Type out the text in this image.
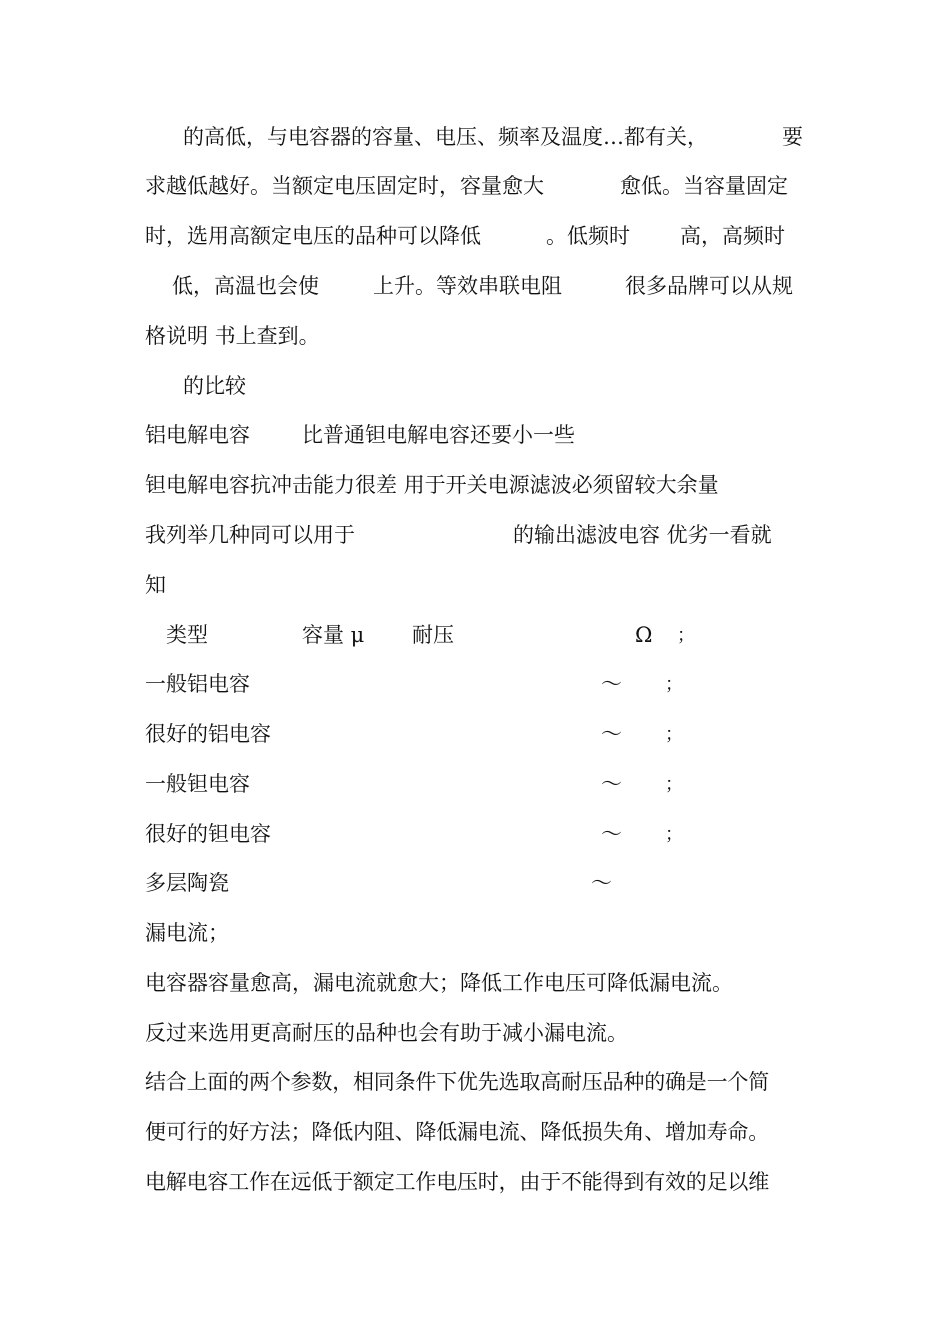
的高低，与电容器的容量、电压、频率及温度…都有关，	要
求越低越好。当额定电压固定时，容量愈大	愈低。当容量固定
时，选用高额定电压的品种可以降低	。低频时 高，高频时
低，高温也会使	上升。等效串联电阻	很多品牌可以从规
格说明 书上查到。
的比较
铝电解电容 比普通钽电解电容还要小一些
钽电解电容抗冲击能力很差 用于开关电源滤波必须留较大余量
我列举几种同可以用于	的输出滤波电容 优劣一看就
知
类型	容量 μ 耐压	Ω ；
一般铝电容	～ ；
很好的铝电容	～ ；
一般钽电容	～ ；
很好的钽电容	～ ；
多层陶瓷	～
漏电流；
电容器容量愈高，漏电流就愈大；降低工作电压可降低漏电流。
反过来选用更高耐压的品种也会有助于减小漏电流。
结合上面的两个参数，相同条件下优先选取高耐压品种的确是一个简
便可行的好方法；降低内阻、降低漏电流、降低损失角、增加寿命。
电解电容工作在远低于额定工作电压时，由于不能得到有效的足以维
